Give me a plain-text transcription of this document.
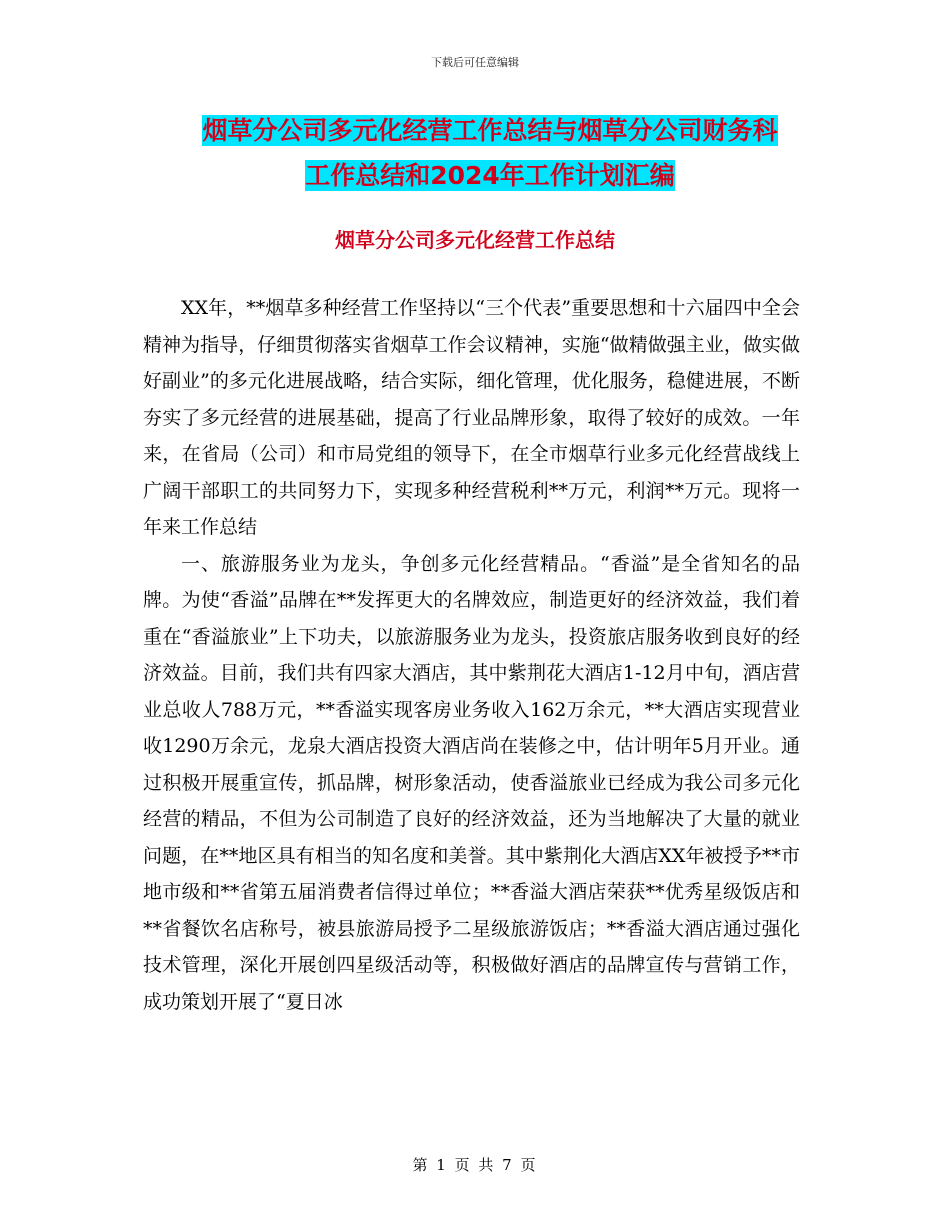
下载后可任意编辑
烟草分公司多元化经营工作总结与烟草分公司财务科
工作总结和2024年工作计划汇编
烟草分公司多元化经营工作总结

XX年，**烟草多种经营工作坚持以“三个代表”重要思想和十六届四中全会精神为指导，仔细贯彻落实省烟草工作会议精神，实施“做精做强主业，做实做好副业”的多元化进展战略，结合实际，细化管理，优化服务，稳健进展，不断夯实了多元经营的进展基础，提高了行业品牌形象，取得了较好的成效。一年来，在省局（公司）和市局党组的领导下，在全市烟草行业多元化经营战线上广阔干部职工的共同努力下，实现多种经营税利**万元，利润**万元。现将一年来工作总结

一、旅游服务业为龙头，争创多元化经营精品。“香溢”是全省知名的品牌。为使“香溢”品牌在**发挥更大的名牌效应，制造更好的经济效益，我们着重在“香溢旅业”上下功夫，以旅游服务业为龙头，投资旅店服务收到良好的经济效益。目前，我们共有四家大酒店，其中紫荆花大酒店1-12月中旬，酒店营业总收人788万元，**香溢实现客房业务收入162万余元，**大酒店实现营业收1290万余元，龙泉大酒店投资大酒店尚在装修之中，估计明年5月开业。通过积极开展重宣传，抓品牌，树形象活动，使香溢旅业已经成为我公司多元化经营的精品，不但为公司制造了良好的经济效益，还为当地解决了大量的就业问题，在**地区具有相当的知名度和美誉。其中紫荆化大酒店XX年被授予**市地市级和**省第五届消费者信得过单位；**香溢大酒店荣获**优秀星级饭店和**省餐饮名店称号，被县旅游局授予二星级旅游饭店；**香溢大酒店通过强化技术管理，深化开展创四星级活动等，积极做好酒店的品牌宣传与营销工作，成功策划开展了“夏日冰

第 1 页 共 7 页
